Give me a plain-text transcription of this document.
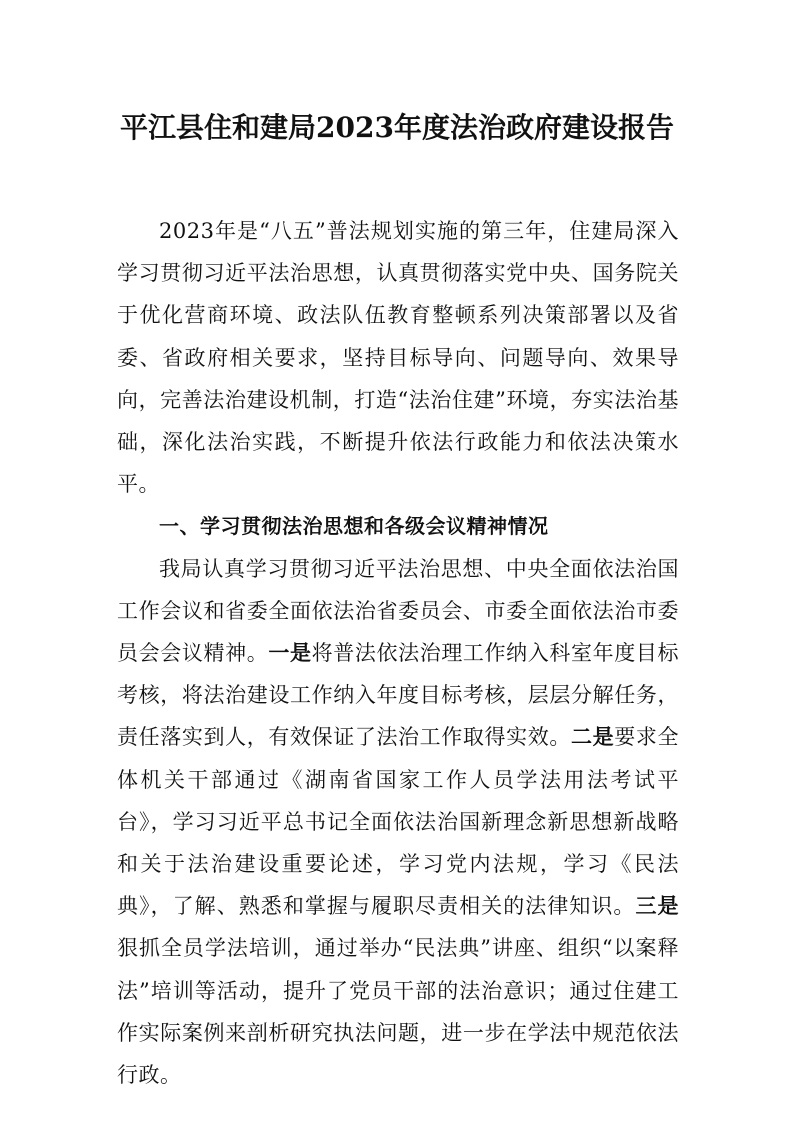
平江县住和建局2023年度法治政府建设报告

2023年是“八五”普法规划实施的第三年，住建局深入学习贯彻习近平法治思想，认真贯彻落实党中央、国务院关于优化营商环境、政法队伍教育整顿系列决策部署以及省委、省政府相关要求，坚持目标导向、问题导向、效果导向，完善法治建设机制，打造“法治住建”环境，夯实法治基础，深化法治实践，不断提升依法行政能力和依法决策水平。

一、学习贯彻法治思想和各级会议精神情况

我局认真学习贯彻习近平法治思想、中央全面依法治国工作会议和省委全面依法治省委员会、市委全面依法治市委员会会议精神。一是将普法依法治理工作纳入科室年度目标考核，将法治建设工作纳入年度目标考核，层层分解任务，责任落实到人，有效保证了法治工作取得实效。二是要求全体机关干部通过《湖南省国家工作人员学法用法考试平台》，学习习近平总书记全面依法治国新理念新思想新战略和关于法治建设重要论述，学习党内法规，学习《民法典》，了解、熟悉和掌握与履职尽责相关的法律知识。三是狠抓全员学法培训，通过举办“民法典”讲座、组织“以案释法”培训等活动，提升了党员干部的法治意识；通过住建工作实际案例来剖析研究执法问题，进一步在学法中规范依法行政。
